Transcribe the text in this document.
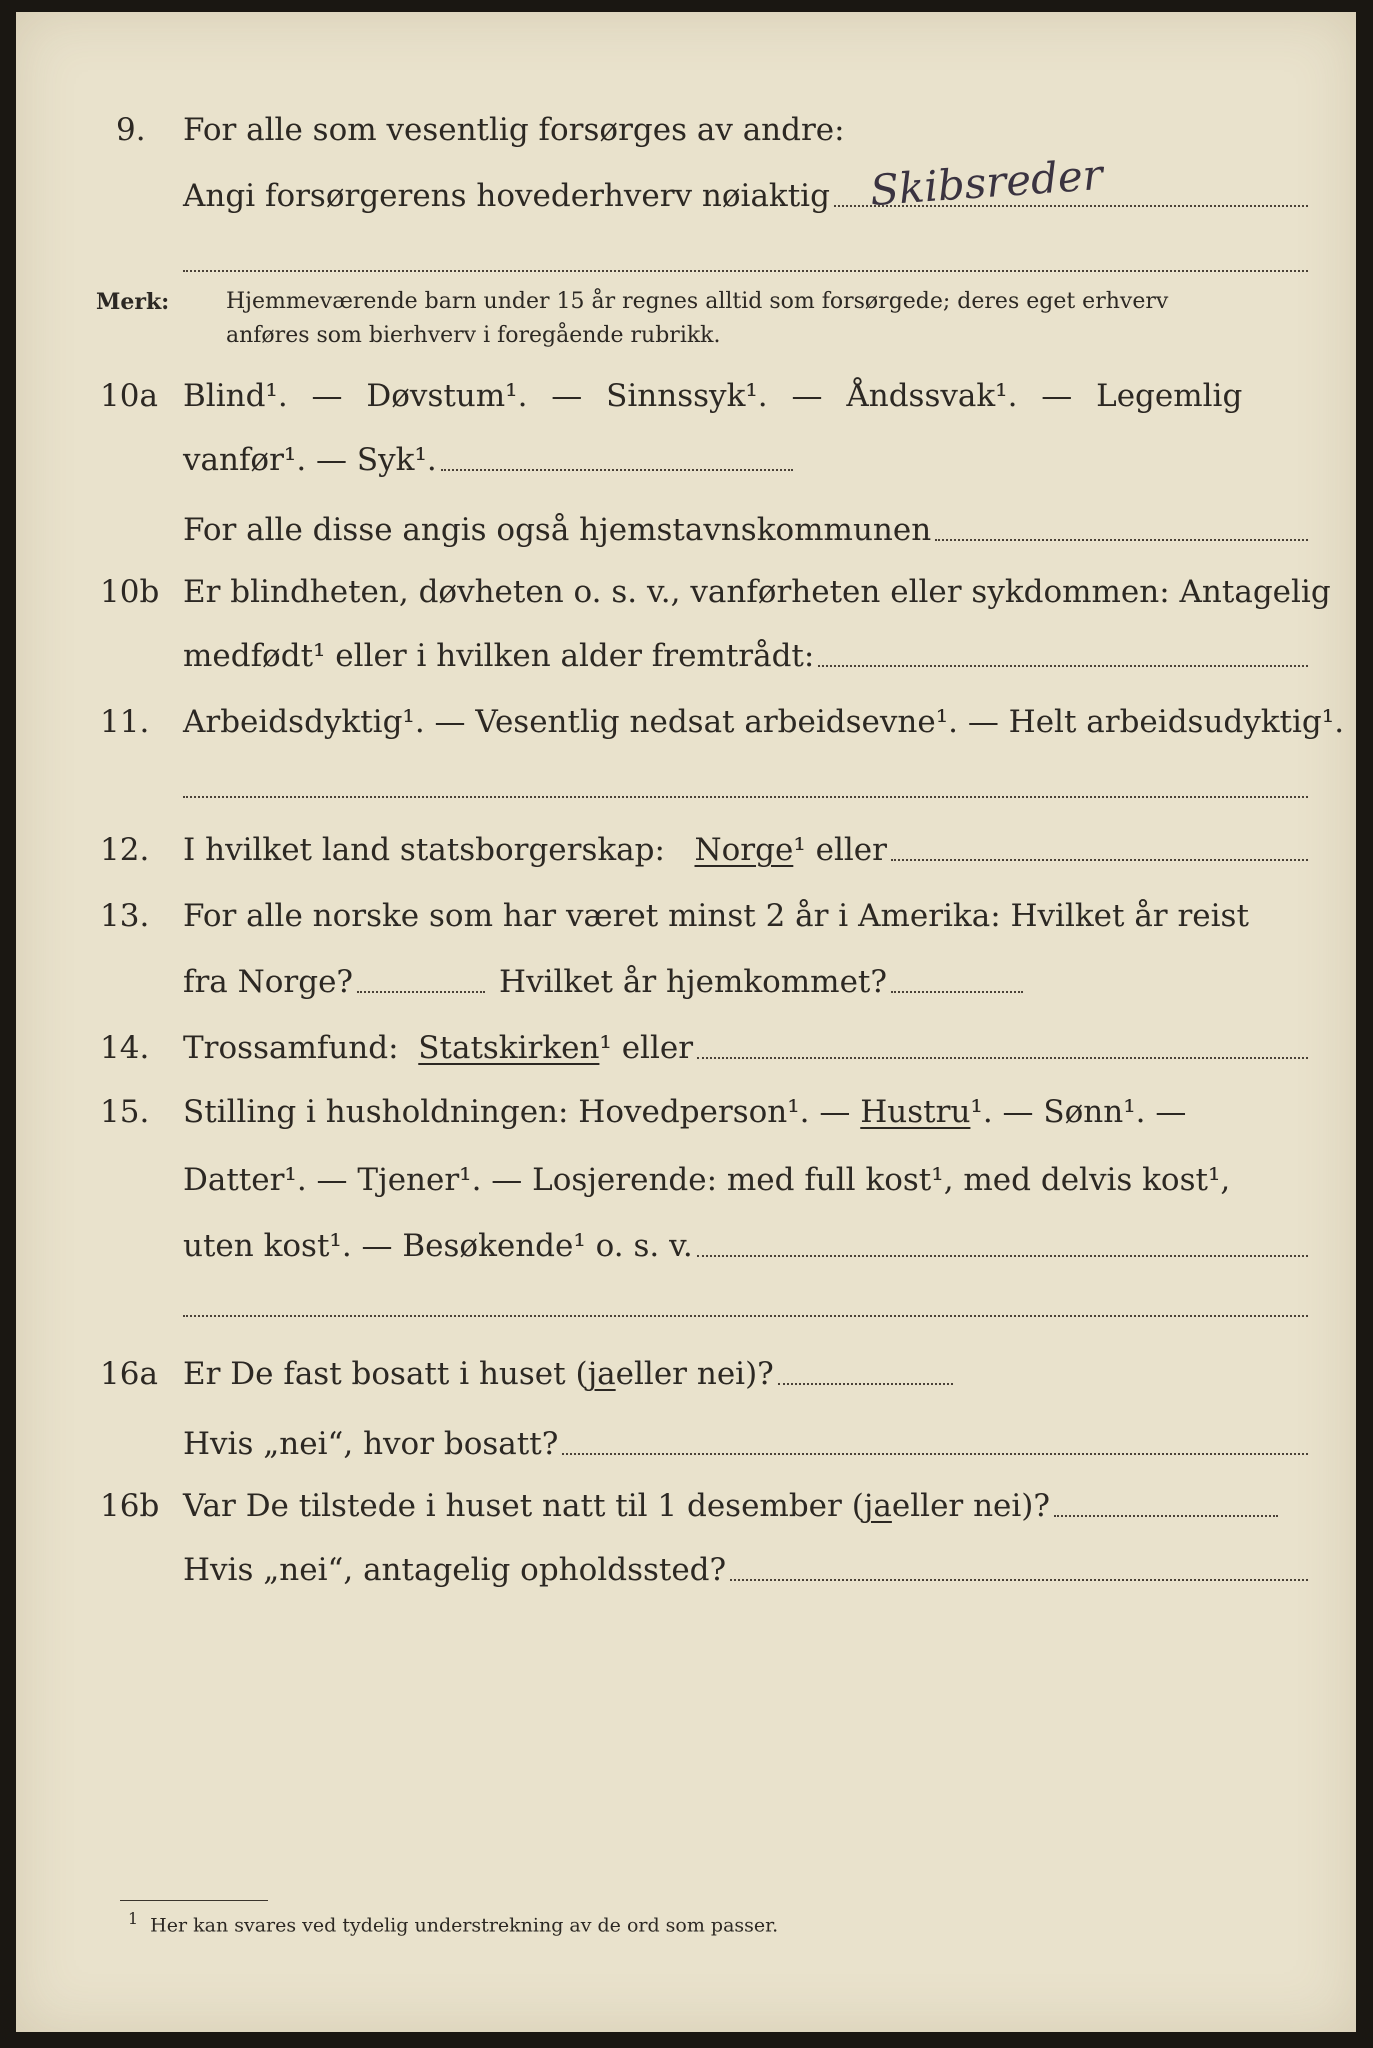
9. For alle som vesentlig forsørges av andre:
Angi forsørgerens hovederhverv nøiaktig Skibsreder
Merk:	Hjemmeværende barn under 15 år regnes alltid som forsørgede; deres eget erhverv
anføres som bierhverv i foregående rubrikk.
10a Blind¹. — Døvstum¹. — Sinnssyk¹. — Åndssvak¹. — Legemlig
vanfør¹. — Syk¹.
For alle disse angis også hjemstavnskommunen
10b Er blindheten, døvheten o. s. v., vanførheten eller sykdommen: Antagelig
medfødt¹ eller i hvilken alder fremtrådt:
11. Arbeidsdyktig¹. — Vesentlig nedsat arbeidsevne¹. — Helt arbeidsudyktig¹.
12. I hvilket land statsborgerskap:
Norge ¹ eller
13. For alle norske som har været minst 2 år i Amerika: Hvilket år reist
fra Norge?	Hvilket år hjemkommet?
14. Trossamfund:
Statskirken ¹ eller
15. Stilling i husholdningen: Hovedperson¹. —
Hustru ¹. — Sønn¹. —
Datter¹. — Tjener¹. — Losjerende: med full kost¹, med delvis kost¹,
uten kost¹. — Besøkende¹ o. s. v.
16a Er De fast bosatt i huset ( ja eller nei)?
Hvis „nei“, hvor bosatt?
16b Var De tilstede i huset natt til 1 desember ( ja eller nei)?
Hvis „nei“, antagelig opholdssted?
$^1$ Her kan svares ved tydelig understrekning av de ord som passer.
